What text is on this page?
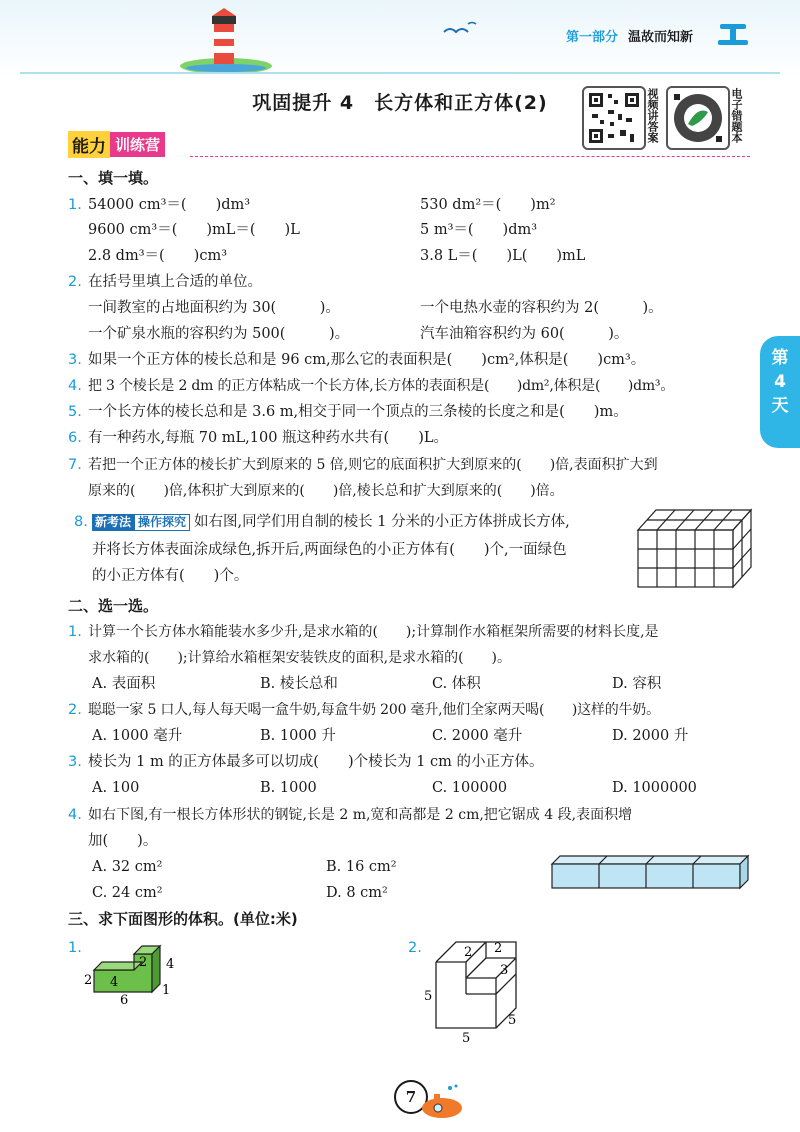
第一部分 温故而知新
巩固提升 4　长方体和正方体(2)	视频讲答案	电子错题本
能力 训练营
第
4
天
一、填一填。
1. 54000 cm³＝(　　)dm³	530 dm²＝(　　)m²
9600 cm³＝(　　)mL＝(　　)L	5 m³＝(　　)dm³
2.8 dm³＝(　　)cm³	3.8 L＝(　　)L(　　)mL
2. 在括号里填上合适的单位。
一间教室的占地面积约为 30(　　　)。	一个电热水壶的容积约为 2(　　　)。
一个矿泉水瓶的容积约为 500(　　　)。	汽车油箱容积约为 60(　　　)。
3. 如果一个正方体的棱长总和是 96 cm,那么它的表面积是(　　)cm²,体积是(　　)cm³。
4. 把 3 个棱长是 2 dm 的正方体粘成一个长方体,长方体的表面积是(　　)dm²,体积是(　　)dm³。
5. 一个长方体的棱长总和是 3.6 m,相交于同一个顶点的三条棱的长度之和是(　　)m。
6. 有一种药水,每瓶 70 mL,100 瓶这种药水共有(　　)L。
7. 若把一个正方体的棱长扩大到原来的 5 倍,则它的底面积扩大到原来的(　　)倍,表面积扩大到
原来的(　　)倍,体积扩大到原来的(　　)倍,棱长总和扩大到原来的(　　)倍。
8. 新考法 操作探究 如右图,同学们用自制的棱长 1 分米的小正方体拼成长方体,
并将长方体表面涂成绿色,拆开后,两面绿色的小正方体有(　　)个,一面绿色
的小正方体有(　　)个。
二、选一选。
1. 计算一个长方体水箱能装水多少升,是求水箱的(　　);计算制作水箱框架所需要的材料长度,是
求水箱的(　　);计算给水箱框架安装铁皮的面积,是求水箱的(　　)。
A. 表面积	B. 棱长总和	C. 体积	D. 容积
2. 聪聪一家 5 口人,每人每天喝一盒牛奶,每盒牛奶 200 毫升,他们全家两天喝(　　)这样的牛奶。
A. 1000 毫升	B. 1000 升	C. 2000 毫升	D. 2000 升
3. 棱长为 1 m 的正方体最多可以切成(　　)个棱长为 1 cm 的小正方体。
A. 100	B. 1000	C. 100000	D. 1000000
4. 如右下图,有一根长方体形状的钢锭,长是 2 m,宽和高都是 2 cm,把它锯成 4 段,表面积增
加(　　)。
A. 32 cm²	B. 16 cm²
C. 24 cm²	D. 8 cm²
三、求下面图形的体积。(单位:米)
1.
2 4
2 4
6
1
2.	2 2
3
5
5
5
7
